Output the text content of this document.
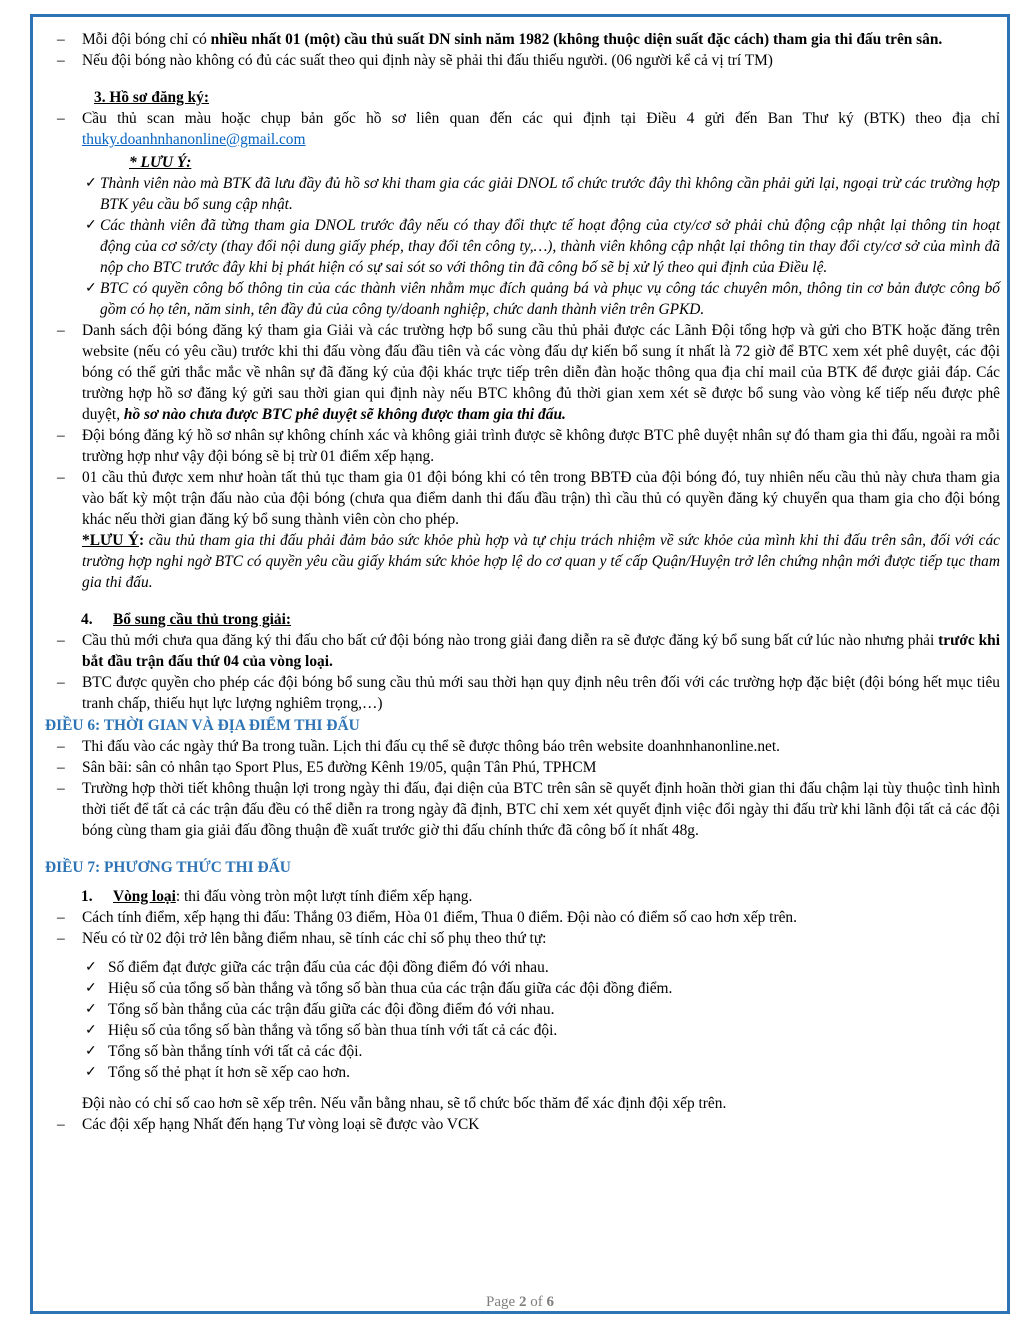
– Mỗi đội bóng chỉ có nhiều nhất 01 (một) cầu thủ suất DN sinh năm 1982 (không thuộc diện suất đặc cách) tham gia thi đấu trên sân.
– Nếu đội bóng nào không có đủ các suất theo qui định này sẽ phải thi đấu thiếu người. (06 người kể cả vị trí TM)
3. Hồ sơ đăng ký:
– Cầu thủ scan màu hoặc chụp bản gốc hồ sơ liên quan đến các qui định tại Điều 4 gửi đến Ban Thư ký (BTK) theo địa chỉ thuky.doanhnhanonline@gmail.com
* LƯU Ý:
✓ Thành viên nào mà BTK đã lưu đầy đủ hồ sơ khi tham gia các giải DNOL tổ chức trước đây thì không cần phải gửi lại, ngoại trừ các trường hợp BTK yêu cầu bổ sung cập nhật.
✓ Các thành viên đã từng tham gia DNOL trước đây nếu có thay đổi thực tế hoạt động của cty/cơ sở phải chủ động cập nhật lại thông tin hoạt động của cơ sở/cty (thay đổi nội dung giấy phép, thay đổi tên công ty,…), thành viên không cập nhật lại thông tin thay đổi cty/cơ sở của mình đã nộp cho BTC trước đây khi bị phát hiện có sự sai sót so với thông tin đã công bố sẽ bị xử lý theo qui định của Điều lệ.
✓ BTC có quyền công bố thông tin của các thành viên nhằm mục đích quảng bá và phục vụ công tác chuyên môn, thông tin cơ bản được công bố gồm có họ tên, năm sinh, tên đầy đủ của công ty/doanh nghiệp, chức danh thành viên trên GPKD.
– Danh sách đội bóng đăng ký tham gia Giải và các trường hợp bổ sung cầu thủ phải được các Lãnh Đội tổng hợp và gửi cho BTK hoặc đăng trên website (nếu có yêu cầu) trước khi thi đấu vòng đấu đầu tiên và các vòng đấu dự kiến bổ sung ít nhất là 72 giờ để BTC xem xét phê duyệt, các đội bóng có thể gửi thắc mắc về nhân sự đã đăng ký của đội khác trực tiếp trên diễn đàn hoặc thông qua địa chỉ mail của BTK để được giải đáp. Các trường hợp hồ sơ đăng ký gửi sau thời gian qui định này nếu BTC không đủ thời gian xem xét sẽ được bổ sung vào vòng kế tiếp nếu được phê duyệt, hồ sơ nào chưa được BTC phê duyệt sẽ không được tham gia thi đấu.
– Đội bóng đăng ký hồ sơ nhân sự không chính xác và không giải trình được sẽ không được BTC phê duyệt nhân sự đó tham gia thi đấu, ngoài ra mỗi trường hợp như vậy đội bóng sẽ bị trừ 01 điểm xếp hạng.
– 01 cầu thủ được xem như hoàn tất thủ tục tham gia 01 đội bóng khi có tên trong BBTĐ của đội bóng đó, tuy nhiên nếu cầu thủ này chưa tham gia vào bất kỳ một trận đấu nào của đội bóng (chưa qua điểm danh thi đấu đầu trận) thì cầu thủ có quyền đăng ký chuyển qua tham gia cho đội bóng khác nếu thời gian đăng ký bổ sung thành viên còn cho phép.
*LƯU Ý: cầu thủ tham gia thi đấu phải đảm bảo sức khỏe phù hợp và tự chịu trách nhiệm về sức khỏe của mình khi thi đấu trên sân, đối với các trường hợp nghi ngờ BTC có quyền yêu cầu giấy khám sức khỏe hợp lệ do cơ quan y tế cấp Quận/Huyện trở lên chứng nhận mới được tiếp tục tham gia thi đấu.
4. Bổ sung cầu thủ trong giải:
– Cầu thủ mới chưa qua đăng ký thi đấu cho bất cứ đội bóng nào trong giải đang diễn ra sẽ được đăng ký bổ sung bất cứ lúc nào nhưng phải trước khi bắt đầu trận đấu thứ 04 của vòng loại.
– BTC được quyền cho phép các đội bóng bổ sung cầu thủ mới sau thời hạn quy định nêu trên đối với các trường hợp đặc biệt (đội bóng hết mục tiêu tranh chấp, thiếu hụt lực lượng nghiêm trọng,…)
ĐIỀU 6: THỜI GIAN VÀ ĐỊA ĐIỂM THI ĐẤU
– Thi đấu vào các ngày thứ Ba trong tuần. Lịch thi đấu cụ thể sẽ được thông báo trên website doanhnhanonline.net.
– Sân bãi: sân cỏ nhân tạo Sport Plus, E5 đường Kênh 19/05, quận Tân Phú, TPHCM
– Trường hợp thời tiết không thuận lợi trong ngày thi đấu, đại diện của BTC trên sân sẽ quyết định hoãn thời gian thi đấu chậm lại tùy thuộc tình hình thời tiết để tất cả các trận đấu đều có thể diễn ra trong ngày đã định, BTC chỉ xem xét quyết định việc đổi ngày thi đấu trừ khi lãnh đội tất cả các đội bóng cùng tham gia giải đấu đồng thuận đề xuất trước giờ thi đấu chính thức đã công bố ít nhất 48g.
ĐIỀU 7: PHƯƠNG THỨC THI ĐẤU
1. Vòng loại: thi đấu vòng tròn một lượt tính điểm xếp hạng.
– Cách tính điểm, xếp hạng thi đấu: Thắng 03 điểm, Hòa 01 điểm, Thua 0 điểm. Đội nào có điểm số cao hơn xếp trên.
– Nếu có từ 02 đội trở lên bằng điểm nhau, sẽ tính các chỉ số phụ theo thứ tự:
✓ Số điểm đạt được giữa các trận đấu của các đội đồng điểm đó với nhau.
✓ Hiệu số của tổng số bàn thắng và tổng số bàn thua của các trận đấu giữa các đội đồng điểm.
✓ Tổng số bàn thắng của các trận đấu giữa các đội đồng điểm đó với nhau.
✓ Hiệu số của tổng số bàn thắng và tổng số bàn thua tính với tất cả các đội.
✓ Tổng số bàn thắng tính với tất cả các đội.
✓ Tổng số thẻ phạt ít hơn sẽ xếp cao hơn.
Đội nào có chỉ số cao hơn sẽ xếp trên. Nếu vẫn bằng nhau, sẽ tổ chức bốc thăm để xác định đội xếp trên.
– Các đội xếp hạng Nhất đến hạng Tư vòng loại sẽ được vào VCK
Page 2 of 6
